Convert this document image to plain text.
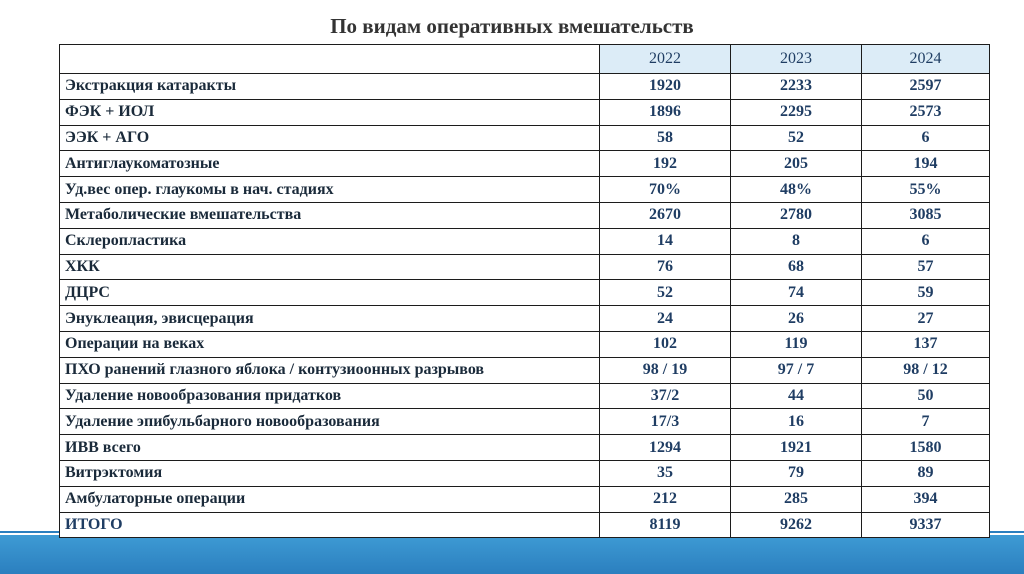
По видам оперативных вмешательств
	2022	2023	2024
Экстракция катаракты	1920	2233	2597
ФЭК + ИОЛ	1896	2295	2573
ЭЭК + АГО	58	52	6
Антиглаукоматозные	192	205	194
Уд.вес опер. глаукомы в нач. стадиях	70%	48%	55%
Метаболические вмешательства	2670	2780	3085
Склеропластика	14	8	6
ХКК	76	68	57
ДЦРС	52	74	59
Энуклеация, эвисцерация	24	26	27
Операции на веках	102	119	137
ПХО ранений глазного яблока / контузиоонных разрывов	98 / 19	97 / 7	98 / 12
Удаление новообразования придатков	37/2	44	50
Удаление эпибульбарного новообразования	17/3	16	7
ИВВ всего	1294	1921	1580
Витрэктомия	35	79	89
Амбулаторные операции	212	285	394
ИТОГО	8119	9262	9337
